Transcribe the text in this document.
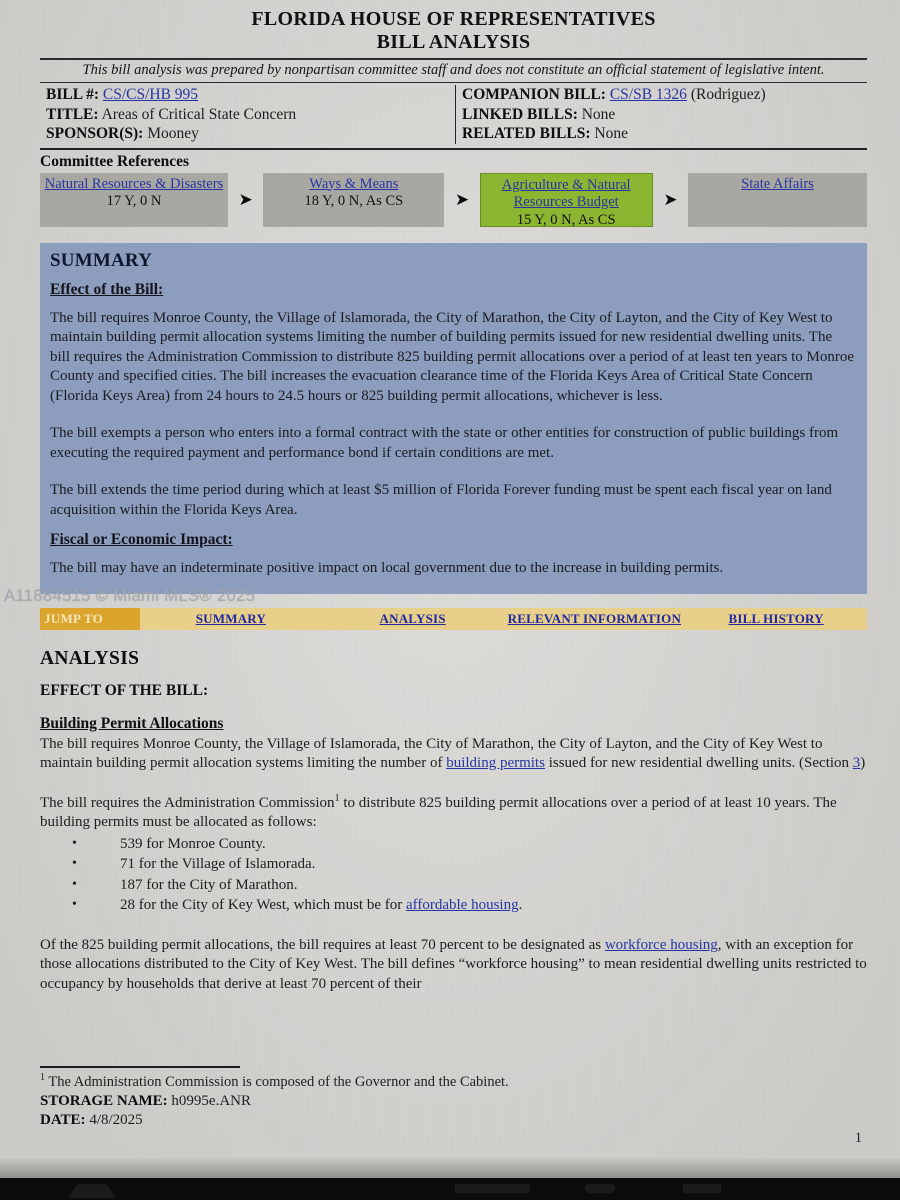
FLORIDA HOUSE OF REPRESENTATIVES
BILL ANALYSIS
This bill analysis was prepared by nonpartisan committee staff and does not constitute an official statement of legislative intent.
BILL #: CS/CS/HB 995
TITLE: Areas of Critical State Concern
SPONSOR(S): Mooney
COMPANION BILL: CS/SB 1326 (Rodriguez)
LINKED BILLS: None
RELATED BILLS: None
Committee References
Natural Resources & Disasters
17 Y, 0 N	➤
Ways & Means
18 Y, 0 N, As CS	➤
Agriculture & Natural Resources Budget
15 Y, 0 N, As CS
➤
State Affairs
SUMMARY
Effect of the Bill:

The bill requires Monroe County, the Village of Islamorada, the City of Marathon, the City of Layton, and the City of Key West to maintain building permit allocation systems limiting the number of building permits issued for new residential dwelling units. The bill requires the Administration Commission to distribute 825 building permit allocations over a period of at least ten years to Monroe County and specified cities. The bill increases the evacuation clearance time of the Florida Keys Area of Critical State Concern (Florida Keys Area) from 24 hours to 24.5 hours or 825 building permit allocations, whichever is less.

The bill exempts a person who enters into a formal contract with the state or other entities for construction of public buildings from executing the required payment and performance bond if certain conditions are met.

The bill extends the time period during which at least $5 million of Florida Forever funding must be spent each fiscal year on land acquisition within the Florida Keys Area.

Fiscal or Economic Impact:

The bill may have an indeterminate positive impact on local government due to the increase in building permits.

JUMP TO	SUMMARY	ANALYSIS	RELEVANT INFORMATION	BILL HISTORY
ANALYSIS
EFFECT OF THE BILL:
Building Permit Allocations

The bill requires Monroe County, the Village of Islamorada, the City of Marathon, the City of Layton, and the City of Key West to maintain building permit allocation systems limiting the number of building permits issued for new residential dwelling units. (Section 3)

The bill requires the Administration Commission$^1$ to distribute 825 building permit allocations over a period of at least 10 years. The building permits must be allocated as follows:

• 539 for Monroe County.
• 71 for the Village of Islamorada.
• 187 for the City of Marathon.
• 28 for the City of Key West, which must be for affordable housing.

Of the 825 building permit allocations, the bill requires at least 70 percent to be designated as workforce housing, with an exception for those allocations distributed to the City of Key West. The bill defines “workforce housing” to mean residential dwelling units restricted to occupancy by households that derive at least 70 percent of their

$^1$ The Administration Commission is composed of the Governor and the Cabinet.
STORAGE NAME: h0995e.ANR
DATE: 4/8/2025
1
A11884515 © Miami MLS® 2025
